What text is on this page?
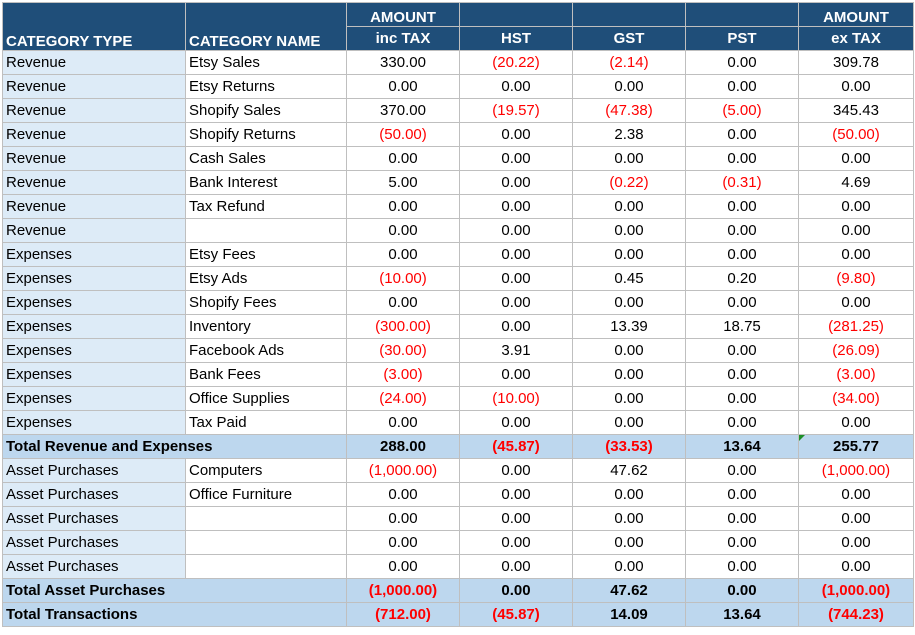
CATEGORY TYPE	CATEGORY NAME	AMOUNT				AMOUNT
		inc TAX	HST	GST	PST	ex TAX
Revenue	Etsy Sales	330.00	(20.22)	(2.14)	0.00	309.78
Revenue	Etsy Returns	0.00	0.00	0.00	0.00	0.00
Revenue	Shopify Sales	370.00	(19.57)	(47.38)	(5.00)	345.43
Revenue	Shopify Returns	(50.00)	0.00	2.38	0.00	(50.00)
Revenue	Cash Sales	0.00	0.00	0.00	0.00	0.00
Revenue	Bank Interest	5.00	0.00	(0.22)	(0.31)	4.69
Revenue	Tax Refund	0.00	0.00	0.00	0.00	0.00
Revenue		0.00	0.00	0.00	0.00	0.00
Expenses	Etsy Fees	0.00	0.00	0.00	0.00	0.00
Expenses	Etsy Ads	(10.00)	0.00	0.45	0.20	(9.80)
Expenses	Shopify Fees	0.00	0.00	0.00	0.00	0.00
Expenses	Inventory	(300.00)	0.00	13.39	18.75	(281.25)
Expenses	Facebook Ads	(30.00)	3.91	0.00	0.00	(26.09)
Expenses	Bank Fees	(3.00)	0.00	0.00	0.00	(3.00)
Expenses	Office Supplies	(24.00)	(10.00)	0.00	0.00	(34.00)
Expenses	Tax Paid	0.00	0.00	0.00	0.00	0.00
Total Revenue and Expenses		288.00	(45.87)	(33.53)	13.64	255.77
Asset Purchases	Computers	(1,000.00)	0.00	47.62	0.00	(1,000.00)
Asset Purchases	Office Furniture	0.00	0.00	0.00	0.00	0.00
Asset Purchases		0.00	0.00	0.00	0.00	0.00
Asset Purchases		0.00	0.00	0.00	0.00	0.00
Asset Purchases		0.00	0.00	0.00	0.00	0.00
Total Asset Purchases		(1,000.00)	0.00	47.62	0.00	(1,000.00)
Total Transactions		(712.00)	(45.87)	14.09	13.64	(744.23)
